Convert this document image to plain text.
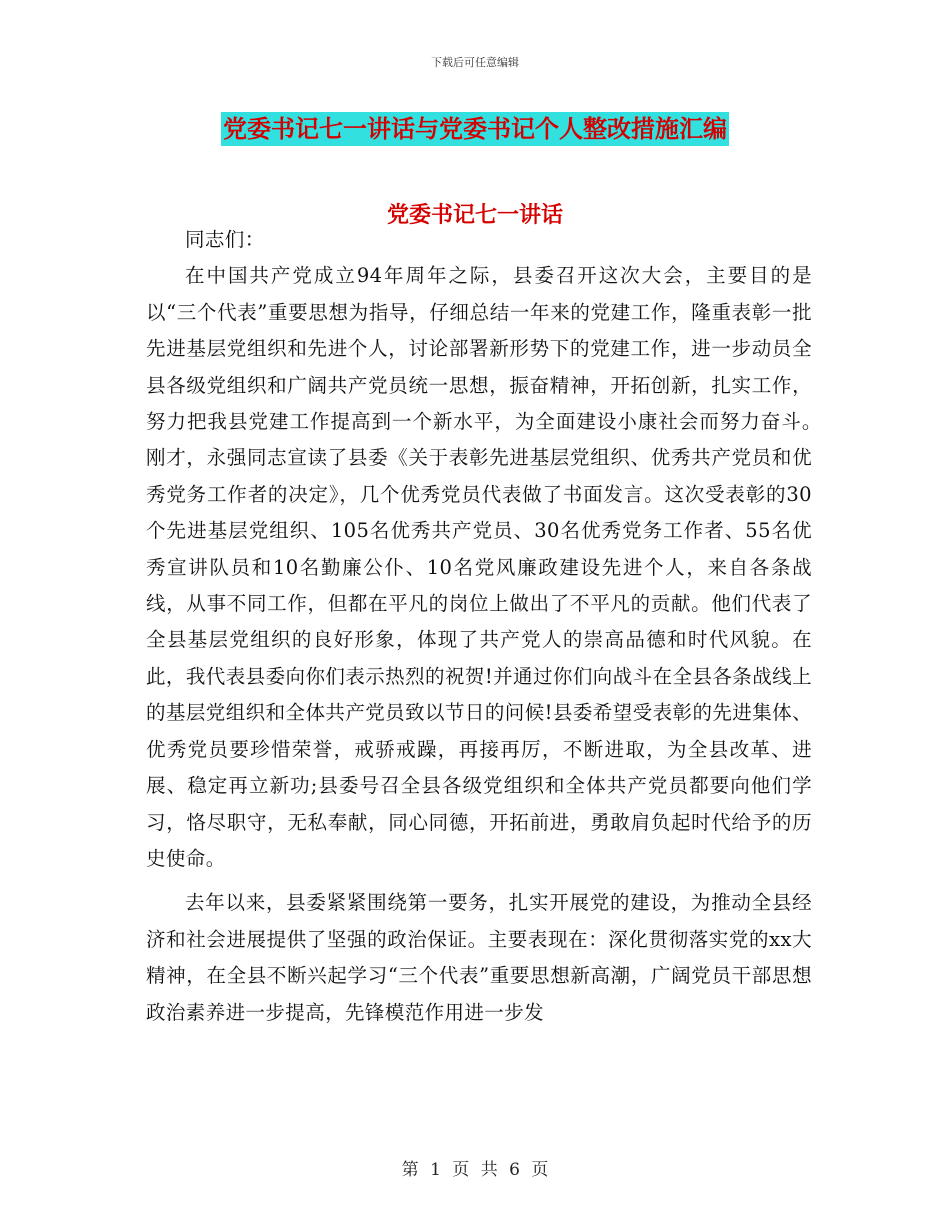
下载后可任意编辑
党委书记七一讲话与党委书记个人整改措施汇编
党委书记七一讲话

同志们：

在中国共产党成立94年周年之际，县委召开这次大会，主要目的是以“三个代表”重要思想为指导，仔细总结一年来的党建工作，隆重表彰一批先进基层党组织和先进个人，讨论部署新形势下的党建工作，进一步动员全县各级党组织和广阔共产党员统一思想，振奋精神，开拓创新，扎实工作，努力把我县党建工作提高到一个新水平，为全面建设小康社会而努力奋斗。　　　刚才，永强同志宣读了县委《关于表彰先进基层党组织、优秀共产党员和优秀党务工作者的决定》，几个优秀党员代表做了书面发言。这次受表彰的30个先进基层党组织、105名优秀共产党员、30名优秀党务工作者、55名优秀宣讲队员和10名勤廉公仆、10名党风廉政建设先进个人，来自各条战线，从事不同工作，但都在平凡的岗位上做出了不平凡的贡献。他们代表了全县基层党组织的良好形象，体现了共产党人的崇高品德和时代风貌。在此，我代表县委向你们表示热烈的祝贺!并通过你们向战斗在全县各条战线上的基层党组织和全体共产党员致以节日的问候!县委希望受表彰的先进集体、优秀党员要珍惜荣誉，戒骄戒躁，再接再厉，不断进取，为全县改革、进展、稳定再立新功;县委号召全县各级党组织和全体共产党员都要向他们学习，恪尽职守，无私奉献，同心同德，开拓前进，勇敢肩负起时代给予的历史使命。

去年以来，县委紧紧围绕第一要务，扎实开展党的建设，为推动全县经济和社会进展提供了坚强的政治保证。主要表现在：深化贯彻落实党的xx大精神，在全县不断兴起学习“三个代表”重要思想新高潮，广阔党员干部思想政治素养进一步提高，先锋模范作用进一步发

第 1 页 共 6 页
